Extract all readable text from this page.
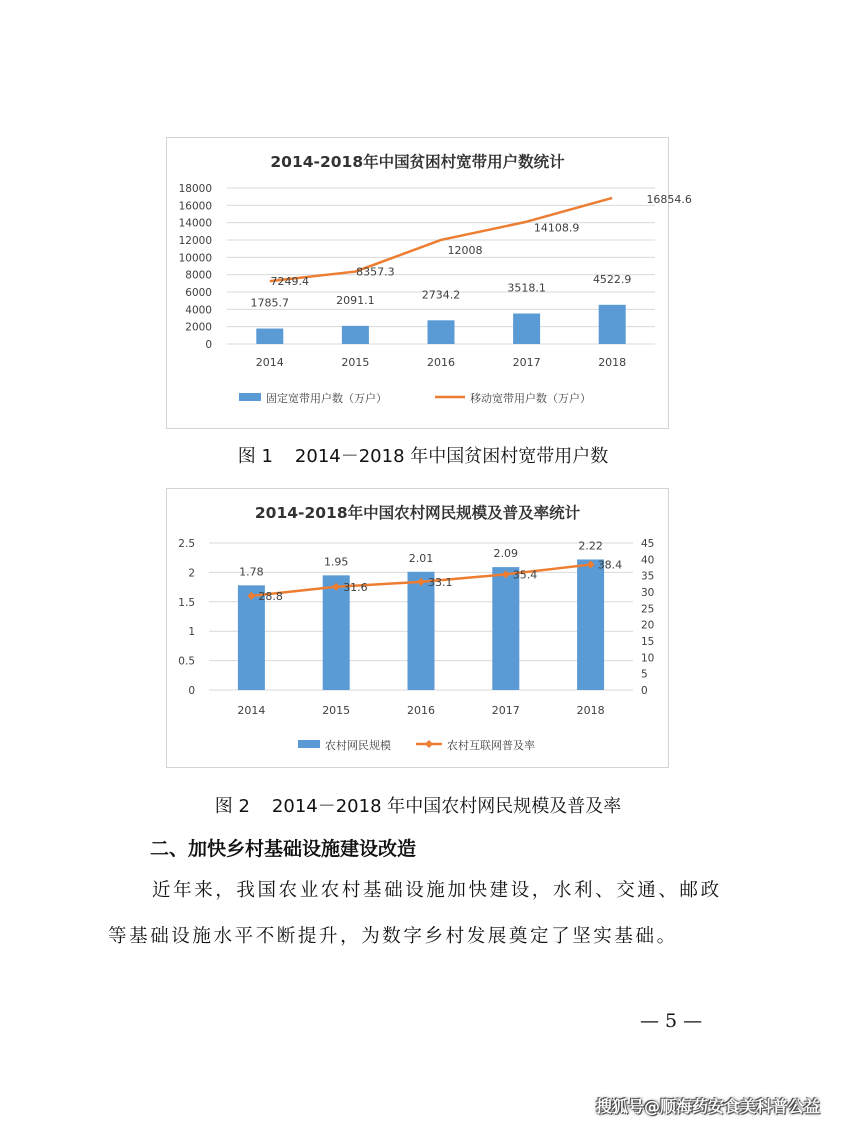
2014-2018年中国贫困村宽带用户数统计
0
2000
4000
6000
8000
10000
12000
14000
16000
18000
1785.7	2091.1	2734.2
3518.1
4522.9
7249.4
8357.3
12008
14108.9
16854.6
2014	2015	2016	2017	2018
固定宽带用户数（万户）	移动宽带用户数（万户）
图 1 2014－2018 年中国贫困村宽带用户数
2014-2018年中国农村网民规模及普及率统计
0
0.5
1
1.5
2
2.5
0
5
10
15
20
25
30
35
40
45
1.78
1.95	2.01	2.09
2.22
28.8
31.6	33.1
35.4
38.4
2014	2015	2016	2017	2018
农村网民规模	农村互联网普及率
图 2 2014－2018 年中国农村网民规模及普及率
二、加快乡村基础设施建设改造
近年来，我国农业农村基础设施加快建设，水利、交通、邮政等基础设施水平不断提升，为数字乡村发展奠定了坚实基础。
— 5 —
搜狐号@顺海药安食美科普公益
